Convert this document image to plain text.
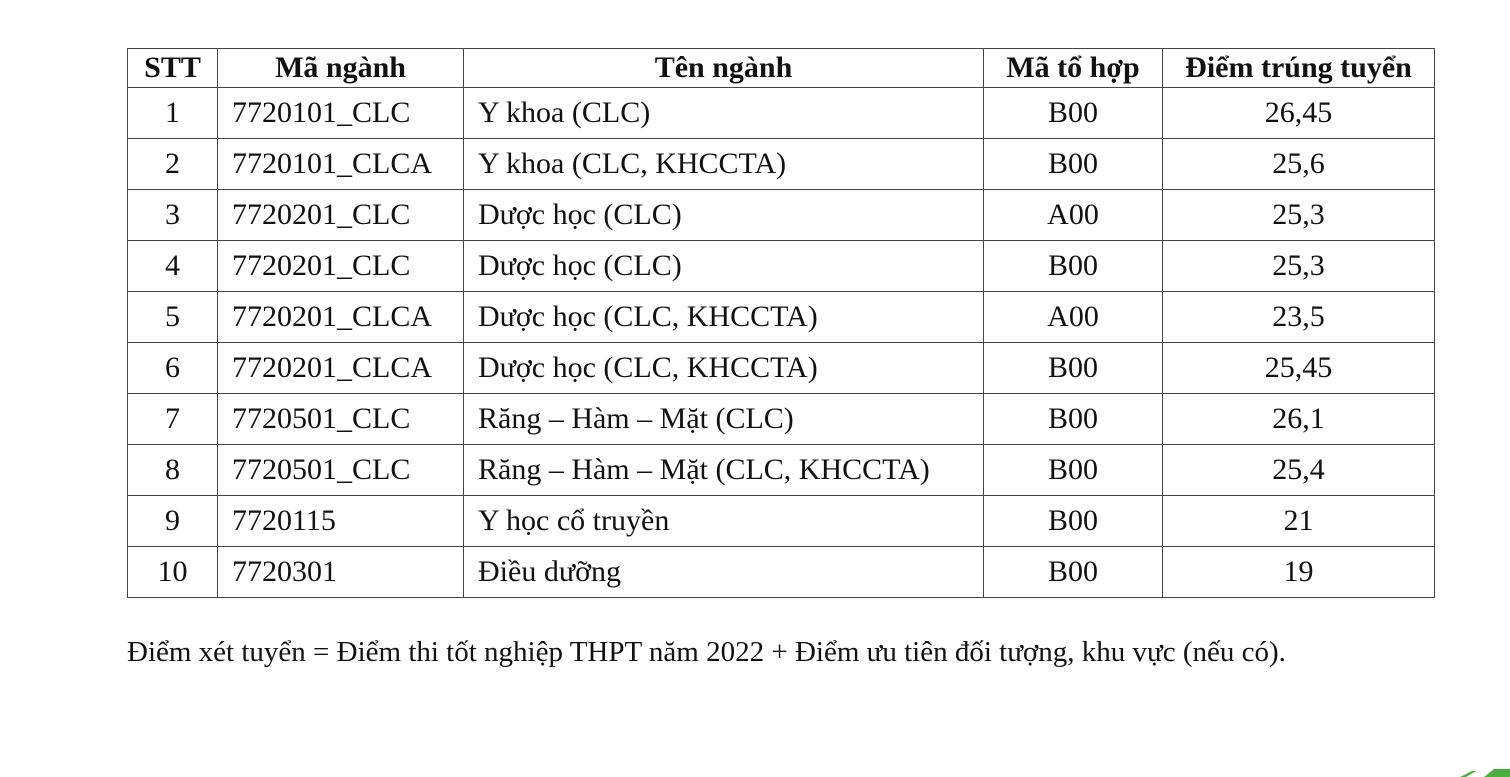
STT	Mã ngành	Tên ngành	Mã tổ hợp	Điểm trúng tuyển
1	7720101_CLC	Y khoa (CLC)	B00	26,45
2	7720101_CLCA	Y khoa (CLC, KHCCTA)	B00	25,6
3	7720201_CLC	Dược học (CLC)	A00	25,3
4	7720201_CLC	Dược học (CLC)	B00	25,3
5	7720201_CLCA	Dược học (CLC, KHCCTA)	A00	23,5
6	7720201_CLCA	Dược học (CLC, KHCCTA)	B00	25,45
7	7720501_CLC	Răng – Hàm – Mặt (CLC)	B00	26,1
8	7720501_CLC	Răng – Hàm – Mặt (CLC, KHCCTA)	B00	25,4
9	7720115	Y học cổ truyền	B00	21
10	7720301	Điều dưỡng	B00	19

Điểm xét tuyển = Điểm thi tốt nghiệp THPT năm 2022 + Điểm ưu tiên đối tượng, khu vực (nếu có).
